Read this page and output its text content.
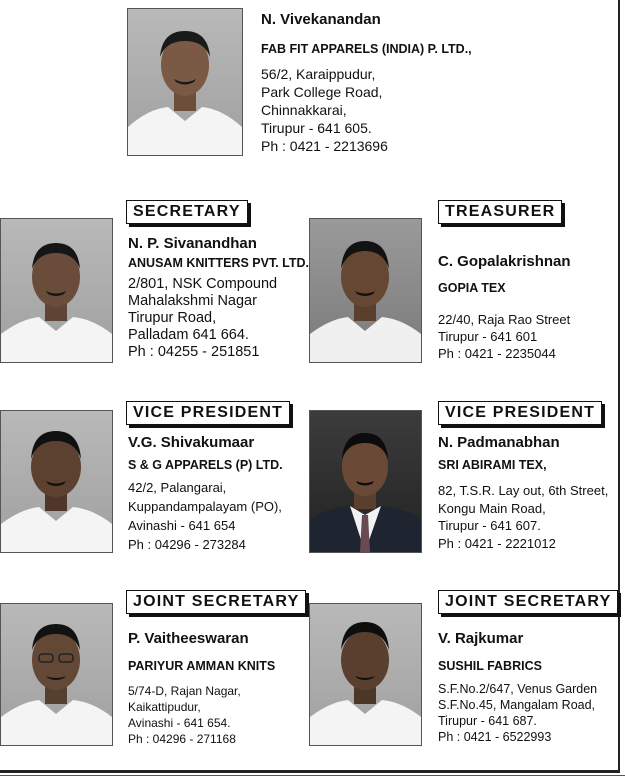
N. Vivekanandan
FAB FIT APPARELS (INDIA) P. LTD.,
56/2, Karaippudur,
Park College Road,
Chinnakkarai,
Tirupur - 641 605.
Ph : 0421 - 2213696
SECRETARY
N. P. Sivanandhan
ANUSAM KNITTERS PVT. LTD.
2/801, NSK Compound
Mahalakshmi Nagar
Tirupur Road,
Palladam 641 664.
Ph : 04255 - 251851
TREASURER
C. Gopalakrishnan
GOPIA TEX
22/40, Raja Rao Street
Tirupur - 641 601
Ph : 0421 - 2235044
VICE PRESIDENT
V.G. Shivakumaar
S & G APPARELS (P) LTD.
42/2, Palangarai,
Kuppandampalayam (PO),
Avinashi - 641 654
Ph : 04296 - 273284
VICE PRESIDENT
N. Padmanabhan
SRI ABIRAMI TEX,
82, T.S.R. Lay out, 6th Street,
Kongu Main Road,
Tirupur - 641 607.
Ph : 0421 - 2221012
JOINT SECRETARY
P. Vaitheeswaran
PARIYUR AMMAN KNITS
5/74-D, Rajan Nagar,
Kaikattipudur,
Avinashi - 641 654.
Ph : 04296 - 271168
JOINT SECRETARY
V. Rajkumar
SUSHIL FABRICS
S.F.No.2/647, Venus Garden
S.F.No.45, Mangalam Road,
Tirupur - 641 687.
Ph : 0421 - 6522993
